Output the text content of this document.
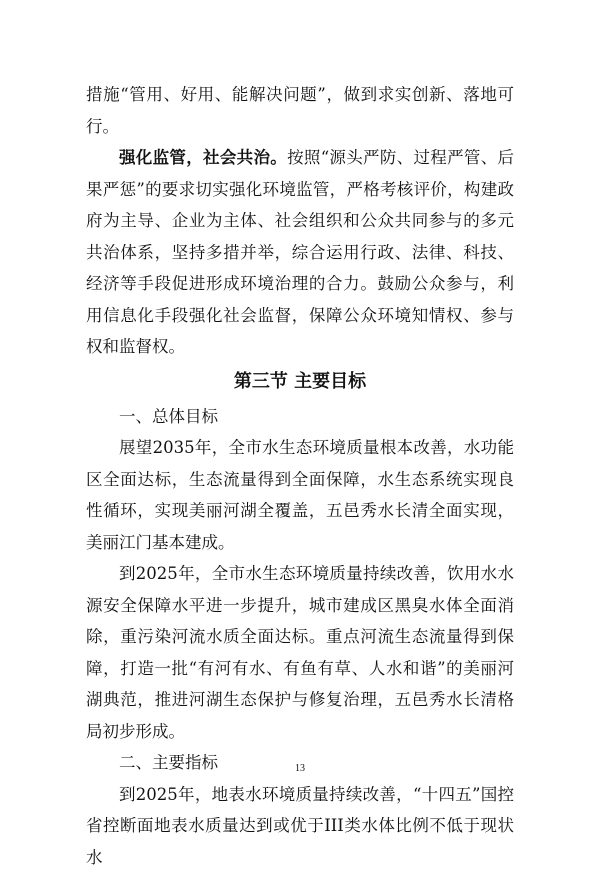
措施“管用、好用、能解决问题”，做到求实创新、落地可行。

强化监管，社会共治。按照“源头严防、过程严管、后果严惩”的要求切实强化环境监管，严格考核评价，构建政府为主导、企业为主体、社会组织和公众共同参与的多元共治体系，坚持多措并举，综合运用行政、法律、科技、经济等手段促进形成环境治理的合力。鼓励公众参与，利用信息化手段强化社会监督，保障公众环境知情权、参与权和监督权。

第三节 主要目标

一、总体目标

展望2035年，全市水生态环境质量根本改善，水功能区全面达标，生态流量得到全面保障，水生态系统实现良性循环，实现美丽河湖全覆盖，五邑秀水长清全面实现，美丽江门基本建成。

到2025年，全市水生态环境质量持续改善，饮用水水源安全保障水平进一步提升，城市建成区黑臭水体全面消除，重污染河流水质全面达标。重点河流生态流量得到保障，打造一批“有河有水、有鱼有草、人水和谐”的美丽河湖典范，推进河湖生态保护与修复治理，五邑秀水长清格局初步形成。

二、主要指标

到2025年，地表水环境质量持续改善，“十四五”国控省控断面地表水质量达到或优于III类水体比例不低于现状水

13
